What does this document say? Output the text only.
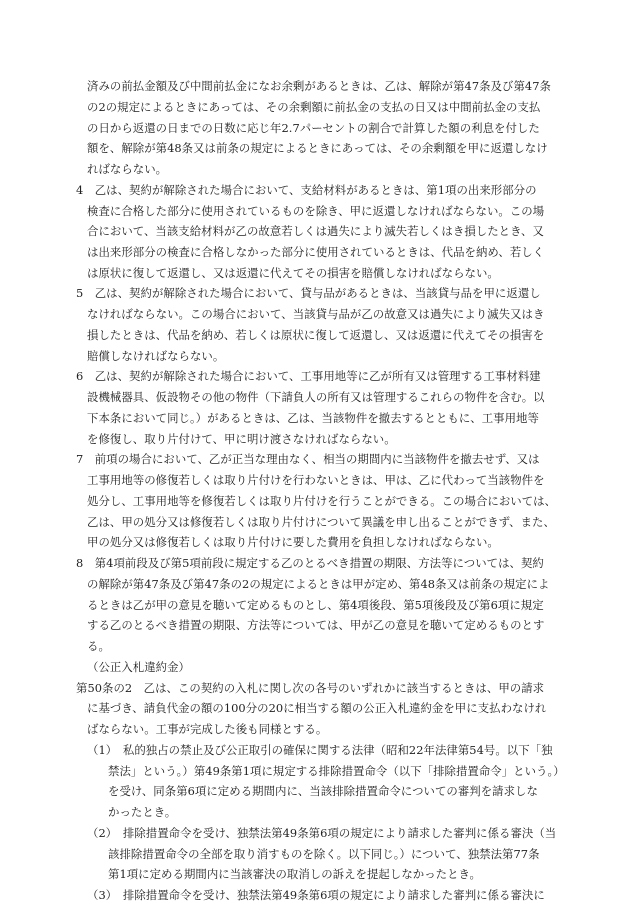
済みの前払金額及び中間前払金になお余剰があるときは、乙は、解除が第47条及び第47条
の2の規定によるときにあっては、その余剰額に前払金の支払の日又は中間前払金の支払
の日から返還の日までの日数に応じ年2.7パーセントの割合で計算した額の利息を付した
額を、解除が第48条又は前条の規定によるときにあっては、その余剰額を甲に返還しなけ
ればならない。
4　乙は、契約が解除された場合において、支給材料があるときは、第1項の出来形部分の
検査に合格した部分に使用されているものを除き、甲に返還しなければならない。この場
合において、当該支給材料が乙の故意若しくは過失により滅失若しくはき損したとき、又
は出来形部分の検査に合格しなかった部分に使用されているときは、代品を納め、若しく
は原状に復して返還し、又は返還に代えてその損害を賠償しなければならない。
5　乙は、契約が解除された場合において、貸与品があるときは、当該貸与品を甲に返還し
なければならない。この場合において、当該貸与品が乙の故意又は過失により滅失又はき
損したときは、代品を納め、若しくは原状に復して返還し、又は返還に代えてその損害を
賠償しなければならない。
6　乙は、契約が解除された場合において、工事用地等に乙が所有又は管理する工事材料建
設機械器具、仮設物その他の物件（下請負人の所有又は管理するこれらの物件を含む。以
下本条において同じ。）があるときは、乙は、当該物件を撤去するとともに、工事用地等
を修復し、取り片付けて、甲に明け渡さなければならない。
7　前項の場合において、乙が正当な理由なく、相当の期間内に当該物件を撤去せず、又は
工事用地等の修復若しくは取り片付けを行わないときは、甲は、乙に代わって当該物件を
処分し、工事用地等を修復若しくは取り片付けを行うことができる。この場合においては、
乙は、甲の処分又は修復若しくは取り片付けについて異議を申し出ることができず、また、
甲の処分又は修復若しくは取り片付けに要した費用を負担しなければならない。
8　第4項前段及び第5項前段に規定する乙のとるべき措置の期限、方法等については、契約
の解除が第47条及び第47条の2の規定によるときは甲が定め、第48条又は前条の規定によ
るときは乙が甲の意見を聴いて定めるものとし、第4項後段、第5項後段及び第6項に規定
する乙のとるべき措置の期限、方法等については、甲が乙の意見を聴いて定めるものとす
る。
（公正入札違約金）
第50条の2　乙は、この契約の入札に関し次の各号のいずれかに該当するときは、甲の請求
に基づき、請負代金の額の100分の20に相当する額の公正入札違約金を甲に支払わなけれ
ばならない。工事が完成した後も同様とする。
（1）　私的独占の禁止及び公正取引の確保に関する法律（昭和22年法律第54号。以下「独
禁法」という。）第49条第1項に規定する排除措置命令（以下「排除措置命令」という。）
を受け、同条第6項に定める期間内に、当該排除措置命令についての審判を請求しな
かったとき。
（2）　排除措置命令を受け、独禁法第49条第6項の規定により請求した審判に係る審決（当
該排除措置命令の全部を取り消すものを除く。以下同じ。）について、独禁法第77条
第1項に定める期間内に当該審決の取消しの訴えを提起しなかったとき。
（3）　排除措置命令を受け、独禁法第49条第6項の規定により請求した審判に係る審決に
